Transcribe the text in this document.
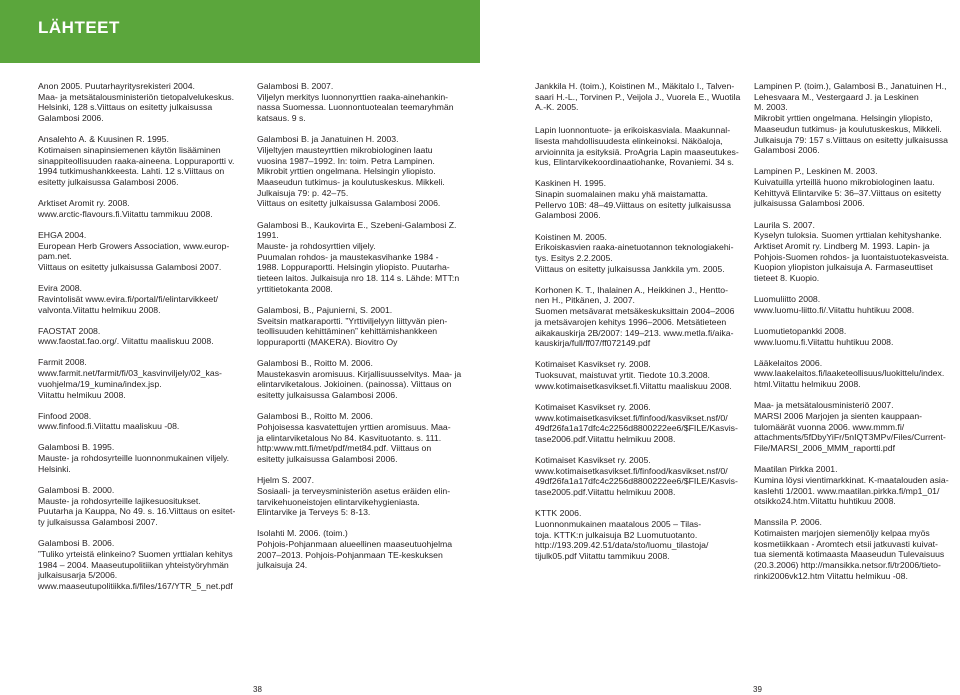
LÄHTEET

Anon 2005. Puutarhayritysrekisteri 2004.
Maa- ja metsätalousministeriön tietopalvelukeskus.
Helsinki, 128 s.Viittaus on esitetty julkaisussa
Galambosi 2006.

Ansalehto A. & Kuusinen R. 1995.
Kotimaisen sinapinsiemenen käytön lisääminen
sinappiteollisuuden raaka-aineena. Loppuraportti v.
1994 tutkimushankkeesta. Lahti. 12 s.Viittaus on
esitetty julkaisussa Galambosi 2006.

Arktiset Aromit ry. 2008.
www.arctic-flavours.fi.Viitattu tammikuu 2008.

EHGA 2004.
European Herb Growers Association, www.europ-
pam.net.
Viittaus on esitetty julkaisussa Galambosi 2007.

Evira 2008.
Ravintolisät www.evira.fi/portal/fi/elintarvikkeet/
valvonta.Viitattu helmikuu 2008.

FAOSTAT 2008.
www.faostat.fao.org/. Viitattu maaliskuu 2008.

Farmit 2008.
www.farmit.net/farmit/fi/03_kasvinviljely/02_kas-
vuohjelma/19_kumina/index.jsp.
Viitattu helmikuu 2008.

Finfood 2008.
www.finfood.fi.Viitattu maaliskuu -08.

Galambosi B. 1995.
Mauste- ja rohdosyrteille luonnonmukainen viljely.
Helsinki.

Galambosi B. 2000.
Mauste- ja rohdosyrteille lajikesuositukset.
Puutarha ja Kauppa, No 49. s. 16.Viittaus on esitet-
ty julkaisussa Galambosi 2007.

Galambosi B. 2006.
”Tuliko yrteistä elinkeino? Suomen yrttialan kehitys
1984 – 2004. Maaseutupolitiikan yhteistyöryhmän
julkaisusarja 5/2006.
www.maaseutupolitiikka.fi/files/167/YTR_5_net.pdf

Galambosi B. 2007.
Viljelyn merkitys luonnonyrttien raaka-ainehankin-
nassa Suomessa. Luonnontuotealan teemaryhmän
katsaus. 9 s.

Galambosi B. ja Janatuinen H. 2003.
Viljeltyjen mausteyrttien mikrobiologinen laatu
vuosina 1987–1992. In: toim. Petra Lampinen.
Mikrobit yrttien ongelmana. Helsingin yliopisto.
Maaseudun tutkimus- ja koulutuskeskus. Mikkeli.
Julkaisuja 79: p. 42–75.
Viittaus on esitetty julkaisussa Galambosi 2006.

Galambosi B., Kaukovirta E., Szebeni-Galambosi Z.
1991.
Mauste- ja rohdosyrttien viljely.
Puumalan rohdos- ja maustekasvihanke 1984 -
1988. Loppuraportti. Helsingin yliopisto. Puutarha-
tieteen laitos. Julkaisuja nro 18. 114 s. Lähde: MTT:n
yrttitietokanta 2008.

Galambosi, B., Pajunierni, S. 2001.
Sveitsin matkaraportti. ”Yrttiviljelyyn liittyvän pien-
teollisuuden kehittäminen” kehittämishankkeen
loppuraportti (MAKERA). Biovitro Oy

Galambosi B., Roitto M. 2006.
Maustekasvin aromisuus. Kirjallisuusselvitys. Maa- ja
elintarviketalous. Jokioinen. (painossa). Viittaus on
esitetty julkaisussa Galambosi 2006.

Galambosi B., Roitto M. 2006.
Pohjoisessa kasvatettujen yrttien aromisuus. Maa-
ja elintarviketalous No 84. Kasvituotanto. s. 111.
http:www.mtt.fi/met/pdf/met84.pdf. Viittaus on
esitetty julkaisussa Galambosi 2006.

Hjelm S. 2007.
Sosiaali- ja terveysministeriön asetus eräiden elin-
tarvikehuoneistojen elintarvikehygieniasta.
Elintarvike ja Terveys 5: 8-13.

Isolahti M. 2006. (toim.)
Pohjois-Pohjanmaan alueellinen maaseutuohjelma
2007–2013. Pohjois-Pohjanmaan TE-keskuksen
julkaisuja 24.

Jankkila H. (toim.), Koistinen M., Mäkitalo I., Talven-
saari H.-L., Torvinen P., Veijola J., Vuorela E., Wuotila
A.-K. 2005.

Lapin luonnontuote- ja erikoiskasviala. Maakunnal-
lisesta mahdollisuudesta elinkeinoksi. Näköaloja,
arvioinnita ja esityksiä. ProAgria Lapin maaseutukes-
kus, Elintarvikekoordinaatiohanke, Rovaniemi. 34 s.

Kaskinen H. 1995.
Sinapin suomalainen maku yhä maistamatta.
Pellervo 10B: 48–49.Viittaus on esitetty julkaisussa
Galambosi 2006.

Koistinen M. 2005.
Erikoiskasvien raaka-ainetuotannon teknologiakehi-
tys. Esitys 2.2.2005.
Viittaus on esitetty julkaisussa Jankkila ym. 2005.

Korhonen K. T., Ihalainen A., Heikkinen J., Henttо-
nen H., Pitkänen, J. 2007.
Suomen metsävarat metsäkeskuksittain 2004–2006
ja metsävarojen kehitys 1996–2006. Metsätieteen
aikakauskirja 2B/2007: 149–213. www.metla.fi/aika-
kauskirja/full/ff07/ff072149.pdf

Kotimaiset Kasvikset ry. 2008.
Tuoksuvat, maistuvat yrtit. Tiedote 10.3.2008.
www.kotimaisetkasvikset.fi.Viitattu maaliskuu 2008.

Kotimaiset Kasvikset ry. 2006.
www.kotimaisetkasvikset.fi/finfood/kasvikset.nsf/0/
49df26fa1a17dfc4c2256d8800222ee6/$FILE/Kasvis-
tase2006.pdf.Viitattu helmikuu 2008.

Kotimaiset Kasvikset ry. 2005.
www.kotimaisetkasvikset.fi/finfood/kasvikset.nsf/0/
49df26fa1a17dfc4c2256d8800222ee6/$FILE/Kasvis-
tase2005.pdf.Viitattu helmikuu 2008.

KTTK 2006.
Luonnonmukainen maatalous 2005 – Tilas-
toja. KTTK:n julkaisuja B2 Luomutuotanto.
http://193.209.42.51/data/sto/luomu_tilastoja/
tijulk05.pdf Viitattu tammikuu 2008.

Lampinen P. (toim.), Galambosi B., Janatuinen H.,
Lehesvaara M., Vestergaard J. ja Leskinen
M. 2003.
Mikrobit yrttien ongelmana. Helsingin yliopisto,
Maaseudun tutkimus- ja koulutuskeskus, Mikkeli.
Julkaisuja 79: 157 s.Viittaus on esitetty julkaisussa
Galambosi 2006.

Lampinen P., Leskinen M. 2003.
Kuivatuilla yrteillä huono mikrobiologinen laatu.
Kehittyvä Elintarvike 5: 36–37.Viittaus on esitetty
julkaisussa Galambosi 2006.

Laurila S. 2007.
Kyselyn tuloksia. Suomen yrttialan kehityshanke.
Arktiset Aromit ry. Lindberg M. 1993. Lapin- ja
Pohjois-Suomen rohdos- ja luontaistuotekasveista.
Kuopion yliopiston julkaisuja A. Farmaseuttiset
tieteet 8. Kuopio.

Luomuliitto 2008.
www.luomu-liitto.fi/.Viitattu huhtikuu 2008.

Luomutietopankki 2008.
www.luomu.fi.Viitattu huhtikuu 2008.

Lääkelaitos 2006.
www.laakelaitos.fi/laaketeollisuus/luokittelu/index.
html.Viitattu helmikuu 2008.

Maa- ja metsätalousministeriö 2007.
MARSI 2006 Marjojen ja sienten kauppaan-
tulomäärät vuonna 2006. www.mmm.fi/
attachments/5fDbyYiFr/5nIQT3MPv/Files/Current-
File/MARSI_2006_MMM_raportti.pdf

Maatilan Pirkka 2001.
Kumina löysi vientimarkkinat. K-maatalouden asia-
kaslehti 1/2001. www.maatilan.pirkka.fi/mp1_01/
otsikko24.htm.Viitattu huhtikuu 2008.

Manssila P. 2006.
Kotimaisten marjojen siemenöljy kelpaa myös
kosmetiikkaan - Aromtech etsii jatkuvasti kuivat-
tua siementä kotimaasta Maaseudun Tulevaisuus
(20.3.2006) http://mansikka.netsor.fi/tr2006/tieto-
rinki2006vk12.htm Viitattu helmikuu -08.

38	39
